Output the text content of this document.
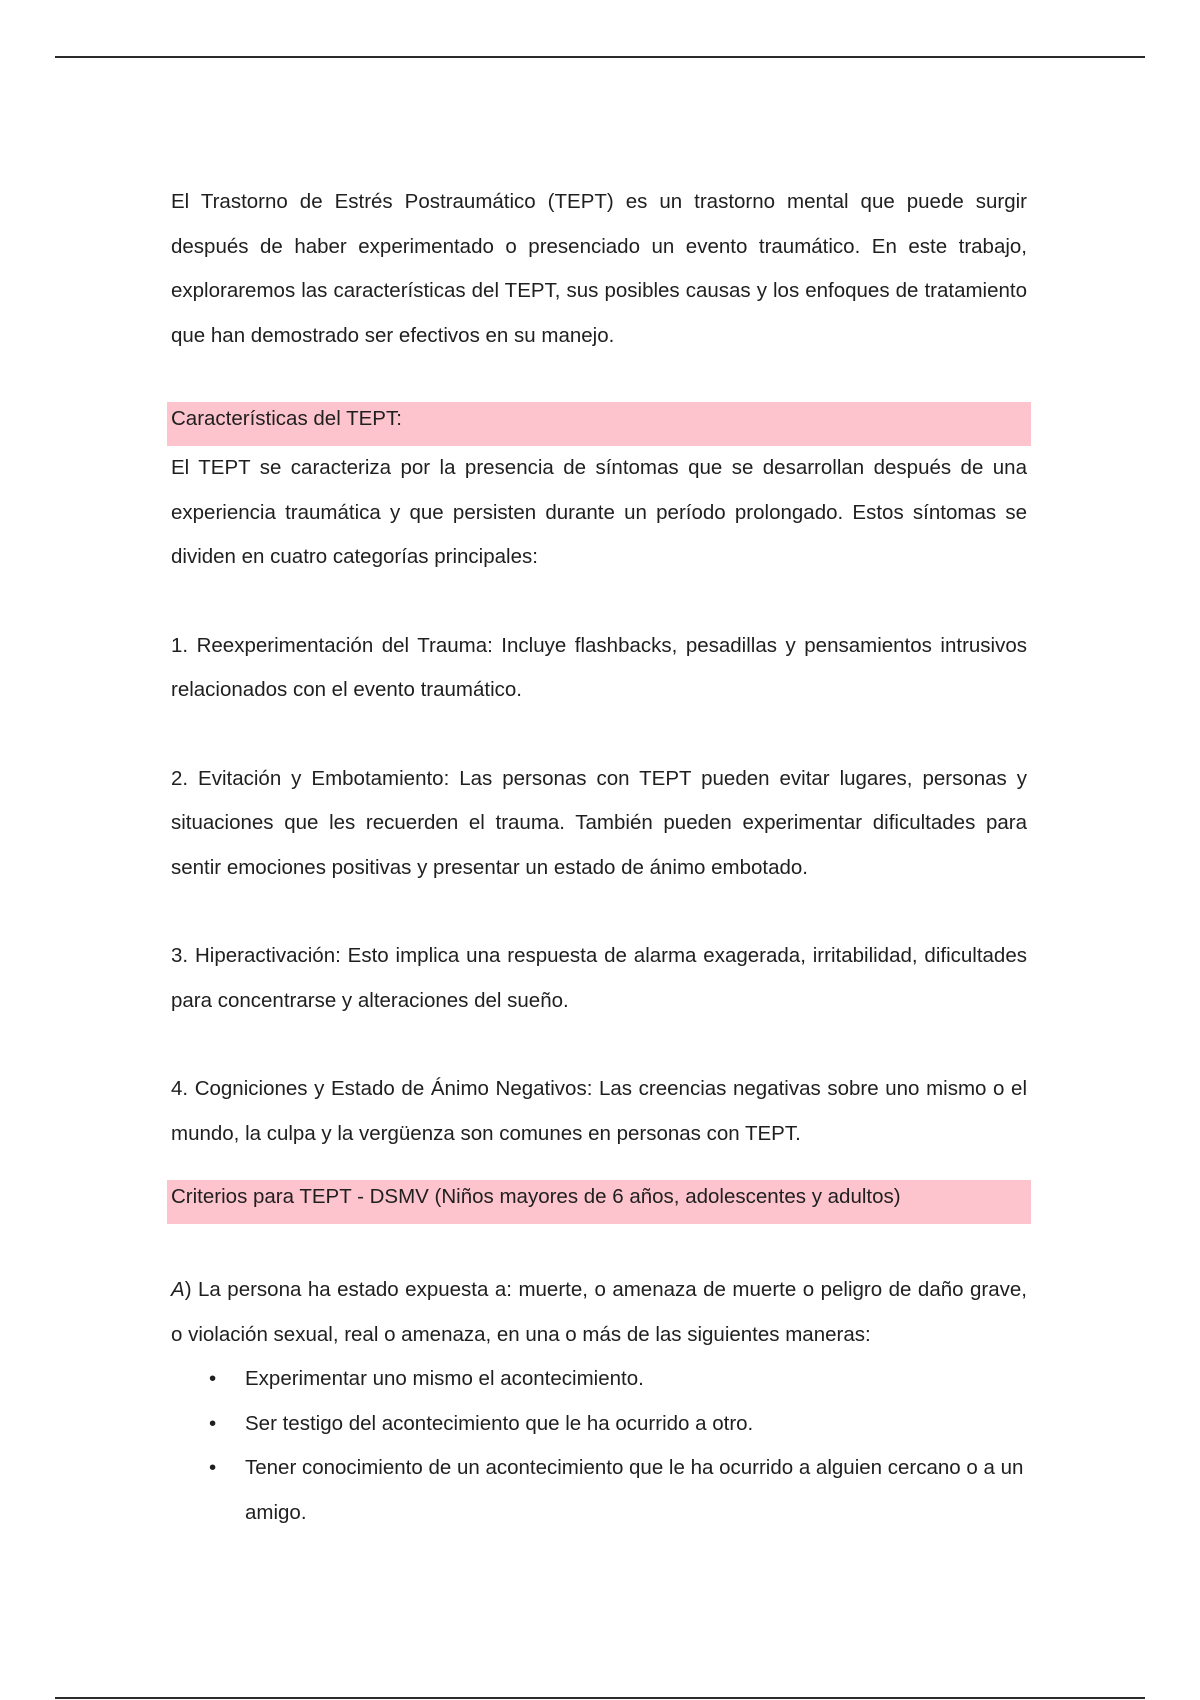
El Trastorno de Estrés Postraumático (TEPT) es un trastorno mental que puede surgir después de haber experimentado o presenciado un evento traumático. En este trabajo, exploraremos las características del TEPT, sus posibles causas y los enfoques de tratamiento que han demostrado ser efectivos en su manejo.

Características del TEPT:

El TEPT se caracteriza por la presencia de síntomas que se desarrollan después de una experiencia traumática y que persisten durante un período prolongado. Estos síntomas se dividen en cuatro categorías principales:

1. Reexperimentación del Trauma: Incluye flashbacks, pesadillas y pensamientos intrusivos relacionados con el evento traumático.

2. Evitación y Embotamiento: Las personas con TEPT pueden evitar lugares, personas y situaciones que les recuerden el trauma. También pueden experimentar dificultades para sentir emociones positivas y presentar un estado de ánimo embotado.

3. Hiperactivación: Esto implica una respuesta de alarma exagerada, irritabilidad, dificultades para concentrarse y alteraciones del sueño.

4. Cogniciones y Estado de Ánimo Negativos: Las creencias negativas sobre uno mismo o el mundo, la culpa y la vergüenza son comunes en personas con TEPT.

Criterios para TEPT - DSMV (Niños mayores de 6 años, adolescentes y adultos)

A) La persona ha estado expuesta a: muerte, o amenaza de muerte o peligro de daño grave, o violación sexual, real o amenaza, en una o más de las siguientes maneras:

• Experimentar uno mismo el acontecimiento.
• Ser testigo del acontecimiento que le ha ocurrido a otro.
• Tener conocimiento de un acontecimiento que le ha ocurrido a alguien cercano o a un amigo.
